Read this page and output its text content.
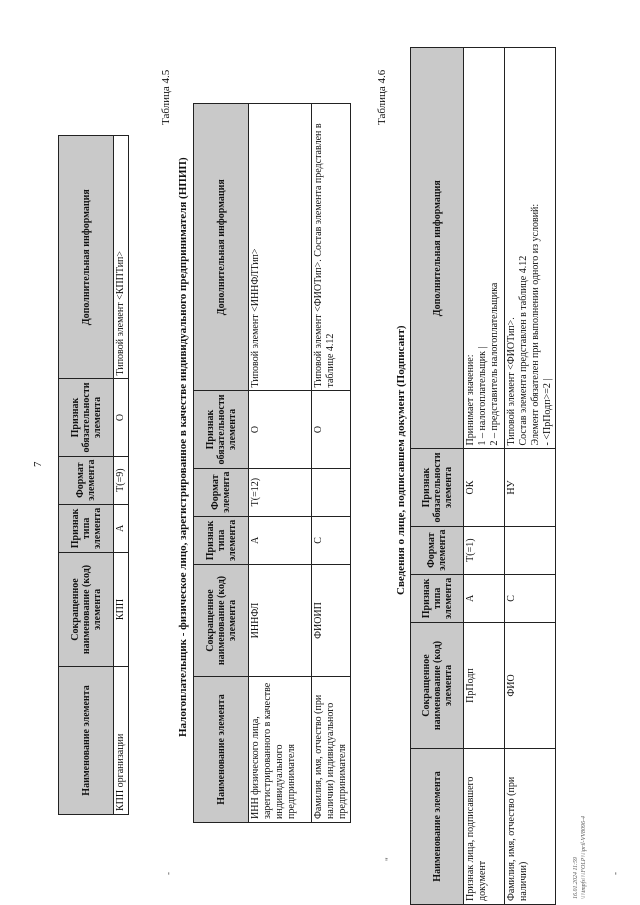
7
Наименование элемента	Сокращенное наименование (код) элемента	Признак типа элемента	Формат элемента	Признак обязательности элемента	Дополнительная информация
КПП организации	КПП	А	T(=9)	О	Типовой элемент <КППТип>
Таблица 4.5
Налогоплательщик - физическое лицо, зарегистрированное в качестве индивидуального предпринимателя (НПИП)
Наименование элемента	Сокращенное наименование (код) элемента	Признак типа элемента	Формат элемента	Признак обязательности элемента	Дополнительная информация
ИНН физического лица, зарегистрированного в качестве индивидуального предпринимателя	ИННФЛ	А	T(=12)	О	Типовой элемент <ИННФЛТип>
Фамилия, имя, отчество (при наличии) индивидуального предпринимателя	ФИОИП	С		О	Типовой элемент <ФИОТип>. Состав элемента представлен в таблице 4.12
Таблица 4.6
Сведения о лице, подписавшем документ (Подписант)
Наименование элемента	Сокращенное наименование (код) элемента	Признак типа элемента	Формат элемента	Признак обязательности элемента	Дополнительная информация
Признак лица, подписавшего документ	ПрПодп	А	T(=1)	ОК	Принимает значение: 1 – налогоплательщик | 2 – представитель налогоплательщика

Фамилия, имя, отчество (при наличии)	ФИО	С		НУ	Типовой элемент <ФИОТип>. Состав элемента представлен в таблице 4.12 Элемент обязателен при выполнении одного из условий: - <ПрПодп>=2 |
16.01.2024 11:59 \\\\tmpfs\\\\FOLP\\\\pril-VV8096-4
-
"
-
